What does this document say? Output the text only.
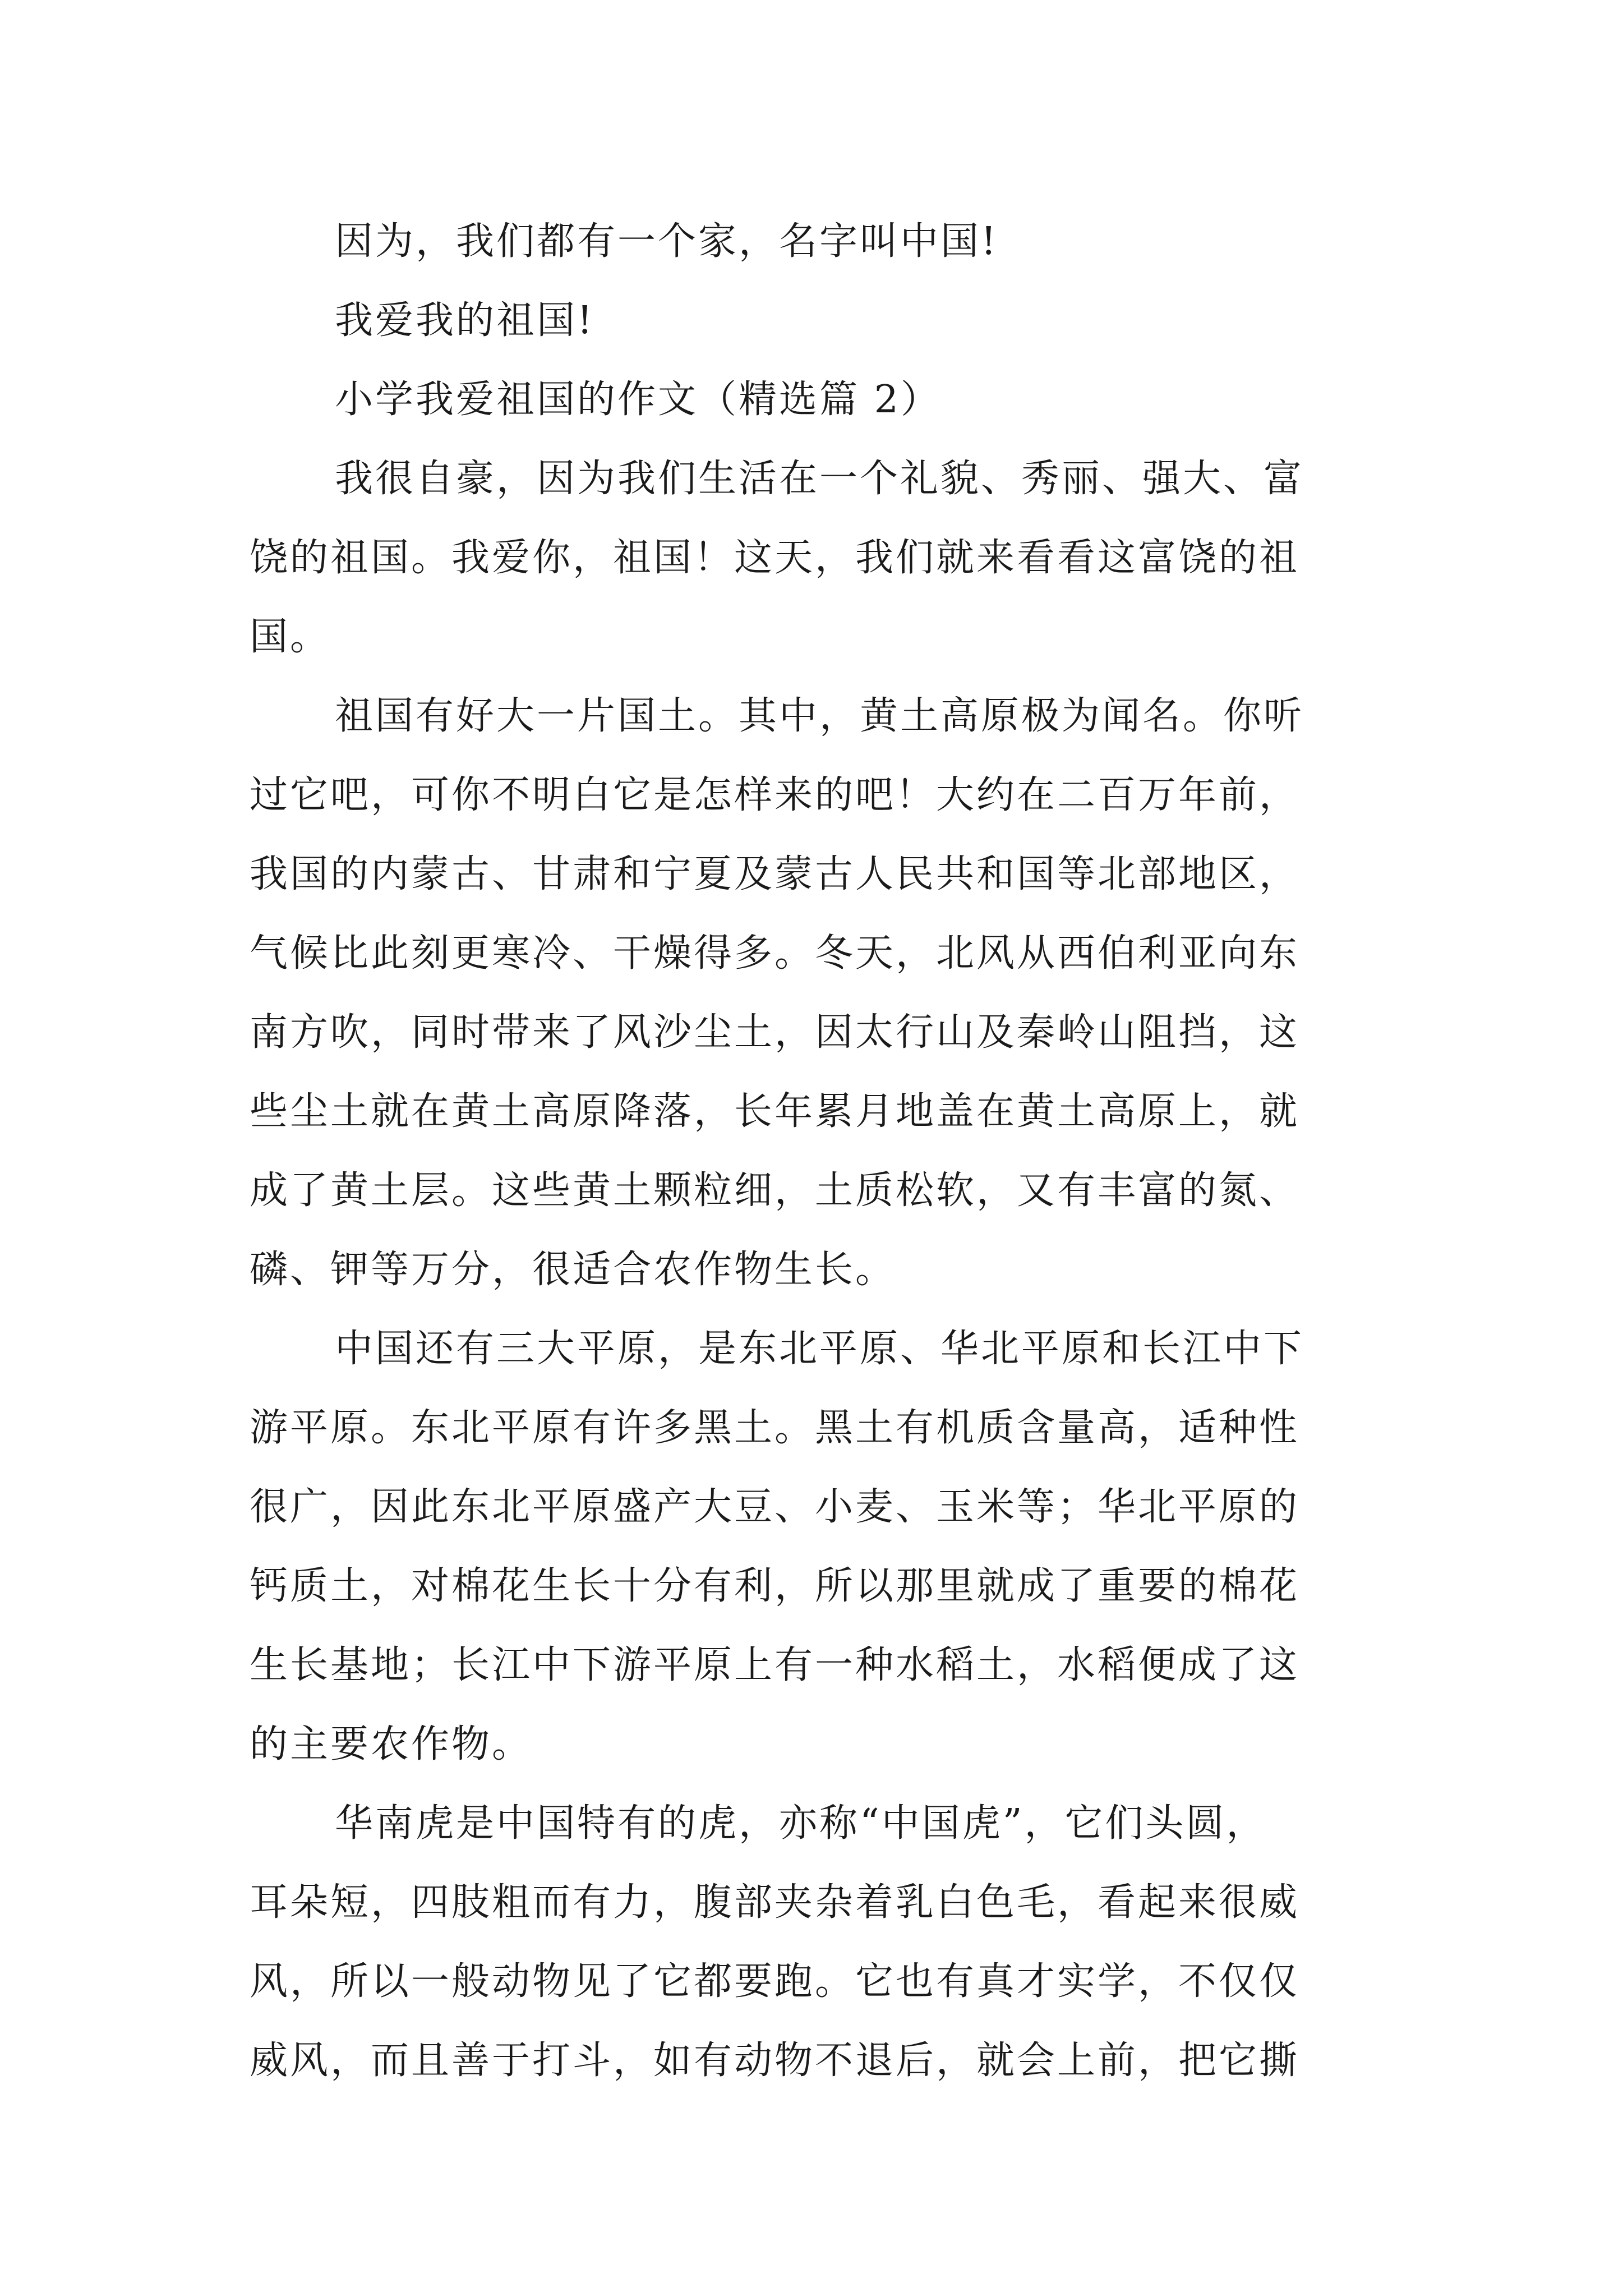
因为，我们都有一个家，名字叫中国!
我爱我的祖国!
小学我爱祖国的作文（精选篇 2）
我很自豪，因为我们生活在一个礼貌、秀丽、强大、富
饶的祖国。我爱你，祖国！这天，我们就来看看这富饶的祖
国。
祖国有好大一片国土。其中，黄土高原极为闻名。你听
过它吧，可你不明白它是怎样来的吧！大约在二百万年前，
我国的内蒙古、甘肃和宁夏及蒙古人民共和国等北部地区，
气候比此刻更寒冷、干燥得多。冬天，北风从西伯利亚向东
南方吹，同时带来了风沙尘土，因太行山及秦岭山阻挡，这
些尘土就在黄土高原降落，长年累月地盖在黄土高原上，就
成了黄土层。这些黄土颗粒细，土质松软，又有丰富的氮、
磷、钾等万分，很适合农作物生长。
中国还有三大平原，是东北平原、华北平原和长江中下
游平原。东北平原有许多黑土。黑土有机质含量高，适种性
很广，因此东北平原盛产大豆、小麦、玉米等；华北平原的
钙质土，对棉花生长十分有利，所以那里就成了重要的棉花
生长基地；长江中下游平原上有一种水稻土，水稻便成了这
的主要农作物。
华南虎是中国特有的虎，亦称“中国虎”，它们头圆，
耳朵短，四肢粗而有力，腹部夹杂着乳白色毛，看起来很威
风，所以一般动物见了它都要跑。它也有真才实学，不仅仅
威风，而且善于打斗，如有动物不退后，就会上前，把它撕
